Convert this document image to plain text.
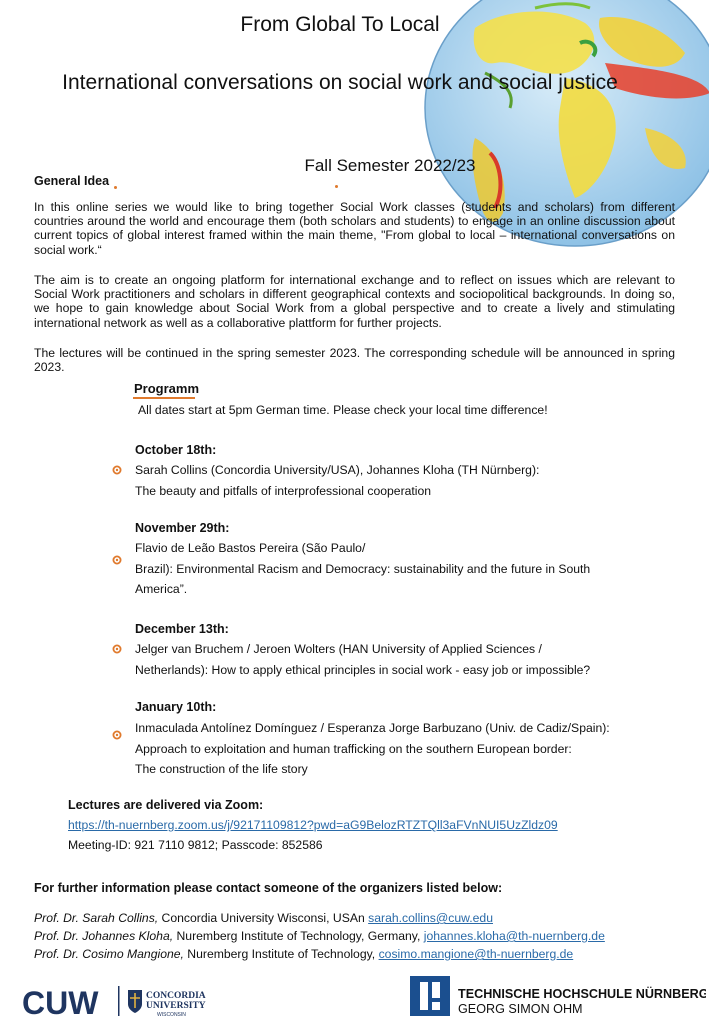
From Global To Local
International conversations on social work and social justice
Fall Semester 2022/23
General Idea
In this online series we would like to bring together Social Work classes (students and scholars) from different countries around the world and encourage them (both scholars and students) to engage in an online discussion about current topics of global interest framed within the main theme, "From global to local – international conversations on social work.“
The aim is to create an ongoing platform for international exchange and to reflect on issues which are relevant to Social Work practitioners and scholars in different geographical contexts and sociopolitical backgrounds. In doing so, we hope to gain knowledge about Social Work from a global perspective and to create a lively and stimulating international network as well as a collaborative plattform for further projects.
The lectures will be continued in the spring semester 2023. The corresponding schedule will be announced in spring 2023.
Programm
All dates start at 5pm German time. Please check your local time difference!
October 18th:
Sarah Collins (Concordia University/USA), Johannes Kloha (TH Nürnberg):
The beauty and pitfalls of interprofessional cooperation
November 29th:
Flavio de Leão Bastos Pereira (São Paulo/
Brazil): Environmental Racism and Democracy: sustainability and the future in South
America”.
December 13th:
Jelger van Bruchem / Jeroen Wolters (HAN University of Applied Sciences /
Netherlands): How to apply ethical principles in social work - easy job or impossible?
January 10th:
Inmaculada Antolínez Domínguez / Esperanza Jorge Barbuzano (Univ. de Cadiz/Spain):
Approach to exploitation and human trafficking on the southern European border:
The construction of the life story
Lectures are delivered via Zoom:
https://th-nuernberg.zoom.us/j/92171109812?pwd=aG9BelozRTZTQll3aFVnNUI5UzZldz09
Meeting-ID: 921 7110 9812; Passcode: 852586
For further information please contact someone of the organizers listed below:
Prof. Dr. Sarah Collins, Concordia University Wisconsi, USAn sarah.collins@cuw.edu
Prof. Dr. Johannes Kloha, Nuremberg Institute of Technology, Germany, johannes.kloha@th-nuernberg.de
Prof. Dr. Cosimo Mangione, Nuremberg Institute of Technology, cosimo.mangione@th-nuernberg.de
CUW	CONCORDIA
UNIVERSITY
WISCONSIN
TECHNISCHE HOCHSCHULE NÜRNBERG
GEORG SIMON OHM
